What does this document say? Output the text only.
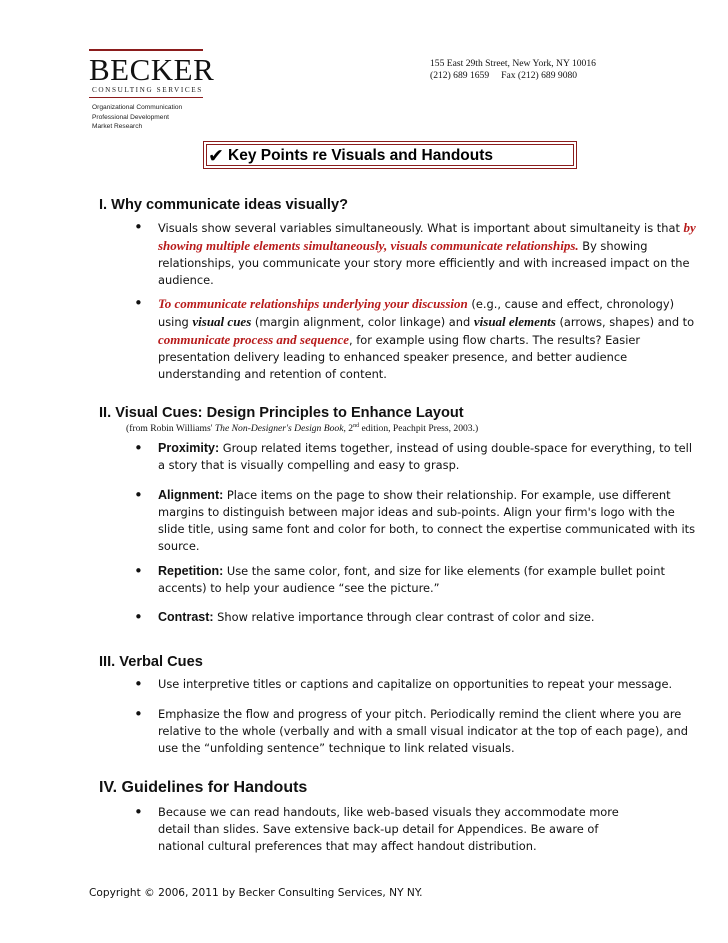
BECKER
CONSULTING SERVICES
Organizational Communication
Professional Development
Market Research
155 East 29th Street, New York, NY 10016
(212) 689 1659     Fax (212) 689 9080
✔ Key Points re Visuals and Handouts
I. Why communicate ideas visually?
• Visuals show several variables simultaneously. What is important about simultaneity is that by showing multiple elements simultaneously, visuals communicate relationships. By showing relationships, you communicate your story more efficiently and with increased impact on the audience.
• To communicate relationships underlying your discussion (e.g., cause and effect, chronology) using visual cues (margin alignment, color linkage) and visual elements (arrows, shapes) and to communicate process and sequence, for example using flow charts. The results? Easier presentation delivery leading to enhanced speaker presence, and better audience understanding and retention of content.
II. Visual Cues: Design Principles to Enhance Layout
(from Robin Williams' The Non-Designer's Design Book, 2nd edition, Peachpit Press, 2003.)
• Proximity: Group related items together, instead of using double-space for everything, to tell a story that is visually compelling and easy to grasp.
• Alignment: Place items on the page to show their relationship. For example, use different margins to distinguish between major ideas and sub-points. Align your firm's logo with the slide title, using same font and color for both, to connect the expertise communicated with its source.
• Repetition: Use the same color, font, and size for like elements (for example bullet point accents) to help your audience “see the picture.”
• Contrast: Show relative importance through clear contrast of color and size.
III. Verbal Cues
• Use interpretive titles or captions and capitalize on opportunities to repeat your message.
• Emphasize the flow and progress of your pitch. Periodically remind the client where you are relative to the whole (verbally and with a small visual indicator at the top of each page), and use the “unfolding sentence” technique to link related visuals.
IV. Guidelines for Handouts
• Because we can read handouts, like web-based visuals they accommodate more detail than slides. Save extensive back-up detail for Appendices. Be aware of national cultural preferences that may affect handout distribution.
Copyright © 2006, 2011 by Becker Consulting Services, NY NY.
